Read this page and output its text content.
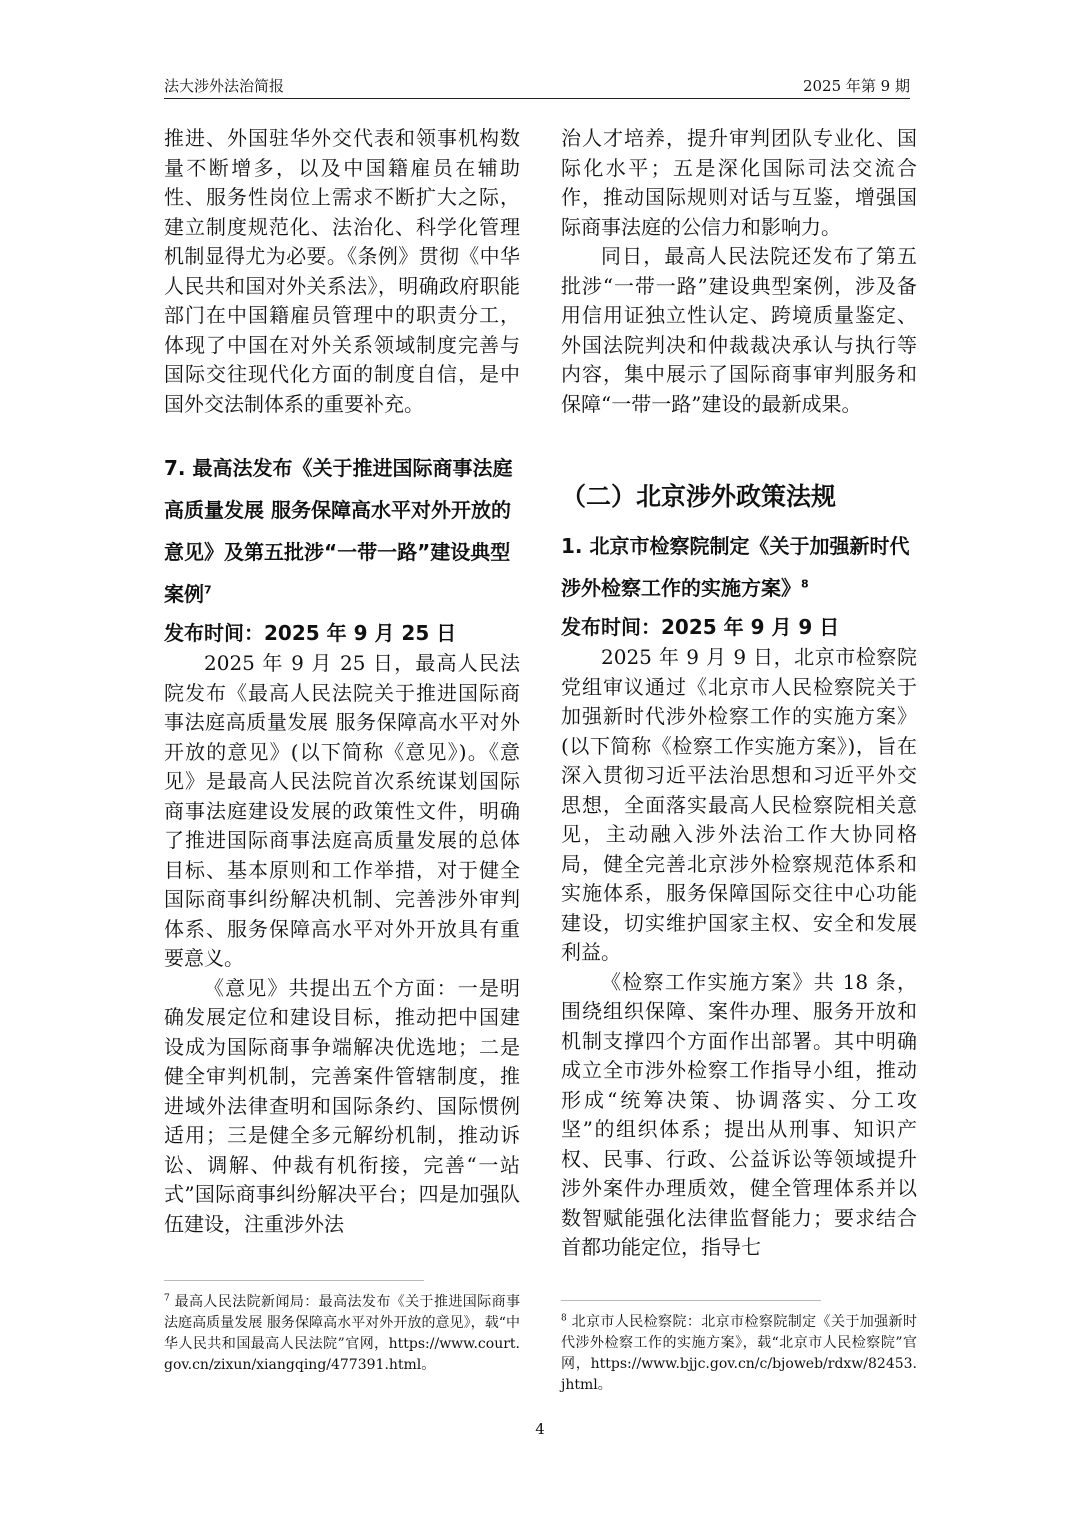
法大涉外法治简报	2025 年第 9 期

推进、外国驻华外交代表和领事机构数量不断增多，以及中国籍雇员在辅助性、服务性岗位上需求不断扩大之际，建立制度规范化、法治化、科学化管理机制显得尤为必要。《条例》贯彻《中华人民共和国对外关系法》，明确政府职能部门在中国籍雇员管理中的职责分工，体现了中国在对外关系领域制度完善与国际交往现代化方面的制度自信，是中国外交法制体系的重要补充。

7. 最高法发布《关于推进国际商事法庭高质量发展 服务保障高水平对外开放的意见》及第五批涉“一带一路”建设典型案例$^7$
发布时间：2025 年 9 月 25 日

2025 年 9 月 25 日，最高人民法院发布《最高人民法院关于推进国际商事法庭高质量发展 服务保障高水平对外开放的意见》(以下简称《意见》)。《意见》是最高人民法院首次系统谋划国际商事法庭建设发展的政策性文件，明确了推进国际商事法庭高质量发展的总体目标、基本原则和工作举措，对于健全国际商事纠纷解决机制、完善涉外审判体系、服务保障高水平对外开放具有重要意义。

《意见》共提出五个方面：一是明确发展定位和建设目标，推动把中国建设成为国际商事争端解决优选地；二是健全审判机制，完善案件管辖制度，推进域外法律查明和国际条约、国际惯例适用；三是健全多元解纷机制，推动诉讼、调解、仲裁有机衔接，完善“一站式”国际商事纠纷解决平台；四是加强队伍建设，注重涉外法

$^7$ 最高人民法院新闻局：最高法发布《关于推进国际商事法庭高质量发展 服务保障高水平对外开放的意见》，载“中华人民共和国最高人民法院”官网，https://www.court.gov.cn/zixun/xiangqing/477391.html。

治人才培养，提升审判团队专业化、国际化水平；五是深化国际司法交流合作，推动国际规则对话与互鉴，增强国际商事法庭的公信力和影响力。

同日，最高人民法院还发布了第五批涉“一带一路”建设典型案例，涉及备用信用证独立性认定、跨境质量鉴定、外国法院判决和仲裁裁决承认与执行等内容，集中展示了国际商事审判服务和保障“一带一路”建设的最新成果。

（二）北京涉外政策法规
1. 北京市检察院制定《关于加强新时代涉外检察工作的实施方案》$^8$
发布时间：2025 年 9 月 9 日

2025 年 9 月 9 日，北京市检察院党组审议通过《北京市人民检察院关于加强新时代涉外检察工作的实施方案》(以下简称《检察工作实施方案》)，旨在深入贯彻习近平法治思想和习近平外交思想，全面落实最高人民检察院相关意见，主动融入涉外法治工作大协同格局，健全完善北京涉外检察规范体系和实施体系，服务保障国际交往中心功能建设，切实维护国家主权、安全和发展利益。

《检察工作实施方案》共 18 条，围绕组织保障、案件办理、服务开放和机制支撑四个方面作出部署。其中明确成立全市涉外检察工作指导小组，推动形成“统筹决策、协调落实、分工攻坚”的组织体系；提出从刑事、知识产权、民事、行政、公益诉讼等领域提升涉外案件办理质效，健全管理体系并以数智赋能强化法律监督能力；要求结合首都功能定位，指导七

$^8$ 北京市人民检察院：北京市检察院制定《关于加强新时代涉外检察工作的实施方案》，载“北京市人民检察院”官网，https://www.bjjc.gov.cn/c/bjoweb/rdxw/82453.jhtml。
4
